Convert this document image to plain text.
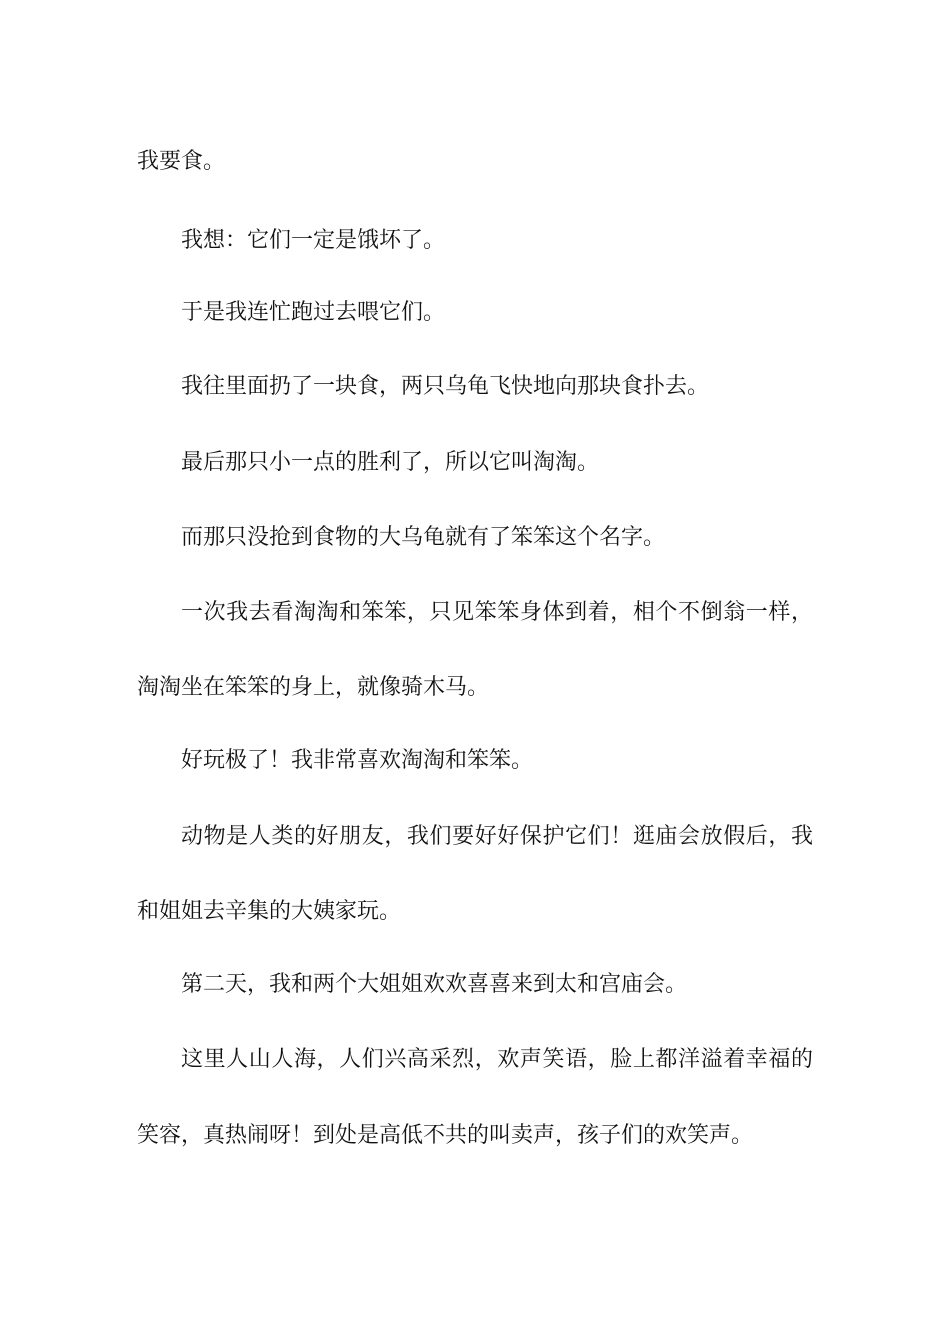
我要食。
我想：它们一定是饿坏了。
于是我连忙跑过去喂它们。
我往里面扔了一块食，两只乌龟飞快地向那块食扑去。
最后那只小一点的胜利了，所以它叫淘淘。
而那只没抢到食物的大乌龟就有了笨笨这个名字。
一次我去看淘淘和笨笨，只见笨笨身体到着，相个不倒翁一样，
淘淘坐在笨笨的身上，就像骑木马。
好玩极了！我非常喜欢淘淘和笨笨。
动物是人类的好朋友，我们要好好保护它们！逛庙会放假后，我
和姐姐去辛集的大姨家玩。
第二天，我和两个大姐姐欢欢喜喜来到太和宫庙会。
这里人山人海，人们兴高采烈，欢声笑语，脸上都洋溢着幸福的
笑容，真热闹呀！到处是高低不共的叫卖声，孩子们的欢笑声。
